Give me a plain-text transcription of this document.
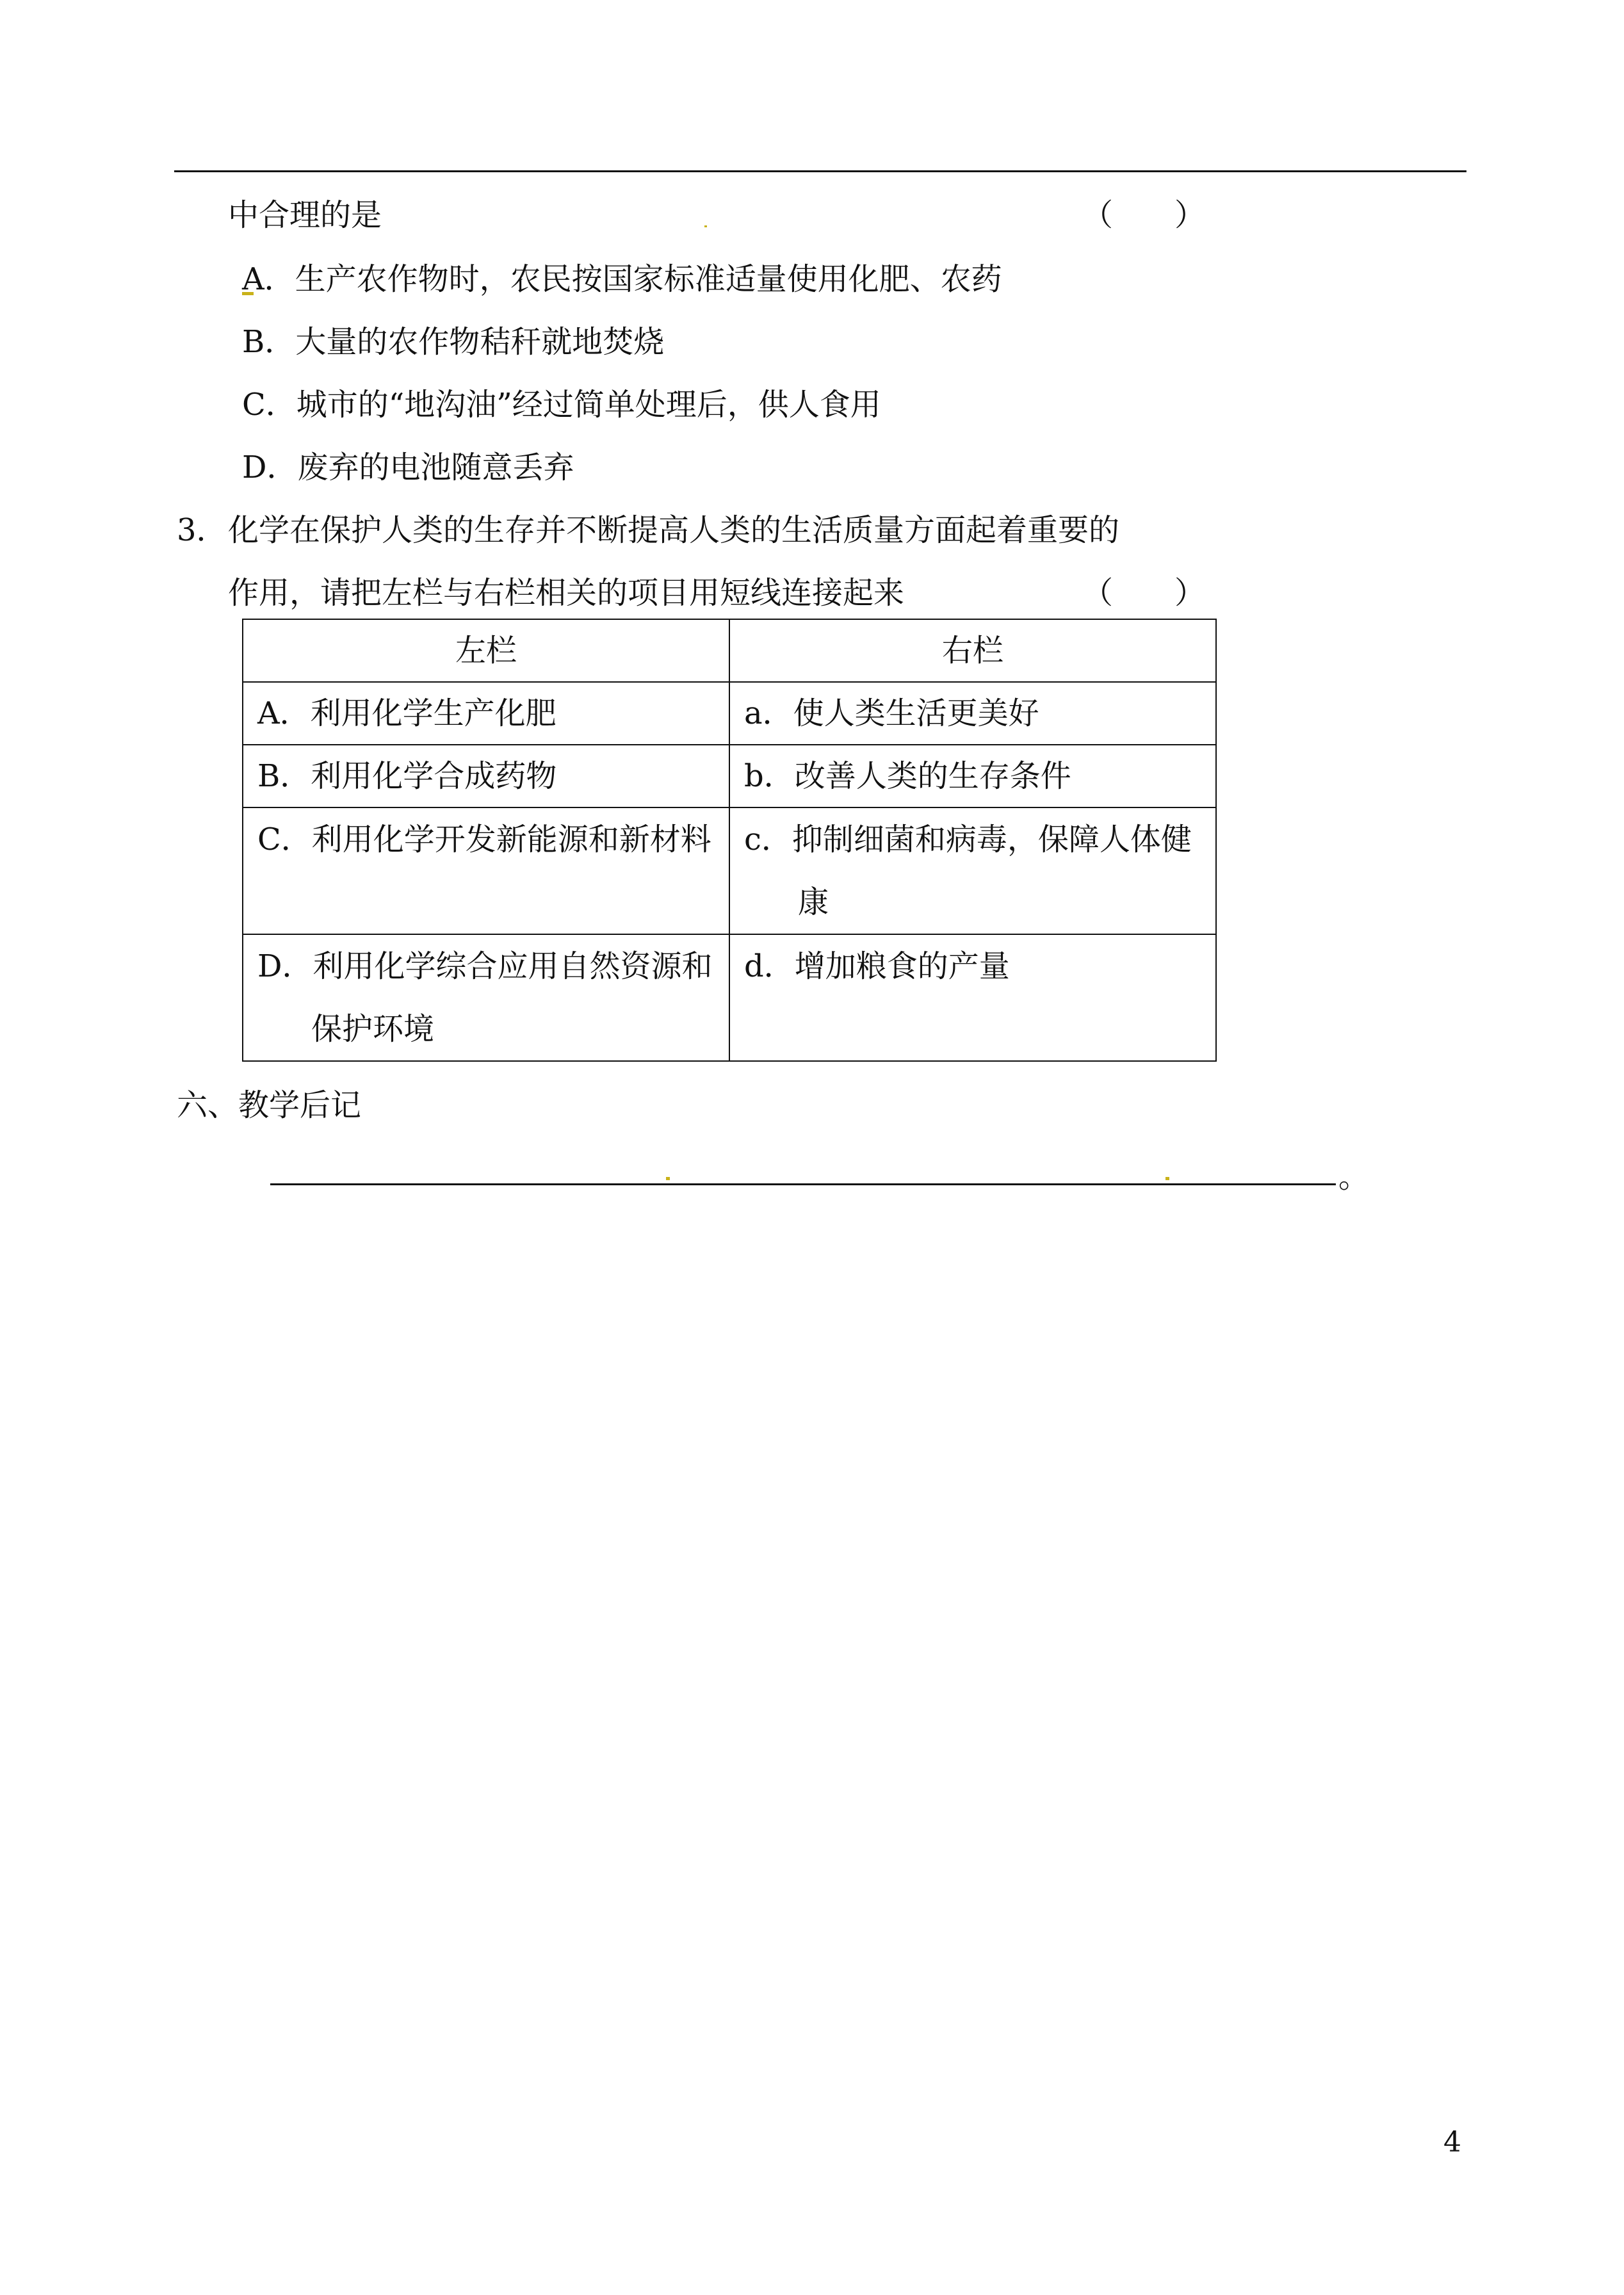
中合理的是	（　　）
A．生产农作物时，农民按国家标准适量使用化肥、农药
B．大量的农作物秸秆就地焚烧
C．城市的“地沟油”经过简单处理后，供人食用
D．废弃的电池随意丢弃
3． 化学在保护人类的生存并不断提高人类的生活质量方面起着重要的
作用，请把左栏与右栏相关的项目用短线连接起来	（　　）
左栏	右栏

A．利用化学生产化肥	a．使人类生活更美好

B．利用化学合成药物	b．改善人类的生存条件

C．利用化学开发新能源和新材料	c．抑制细菌和病毒，保障人体健康

D．利用化学综合应用自然资源和保护环境	d．增加粮食的产量
六、教学后记
。
4
